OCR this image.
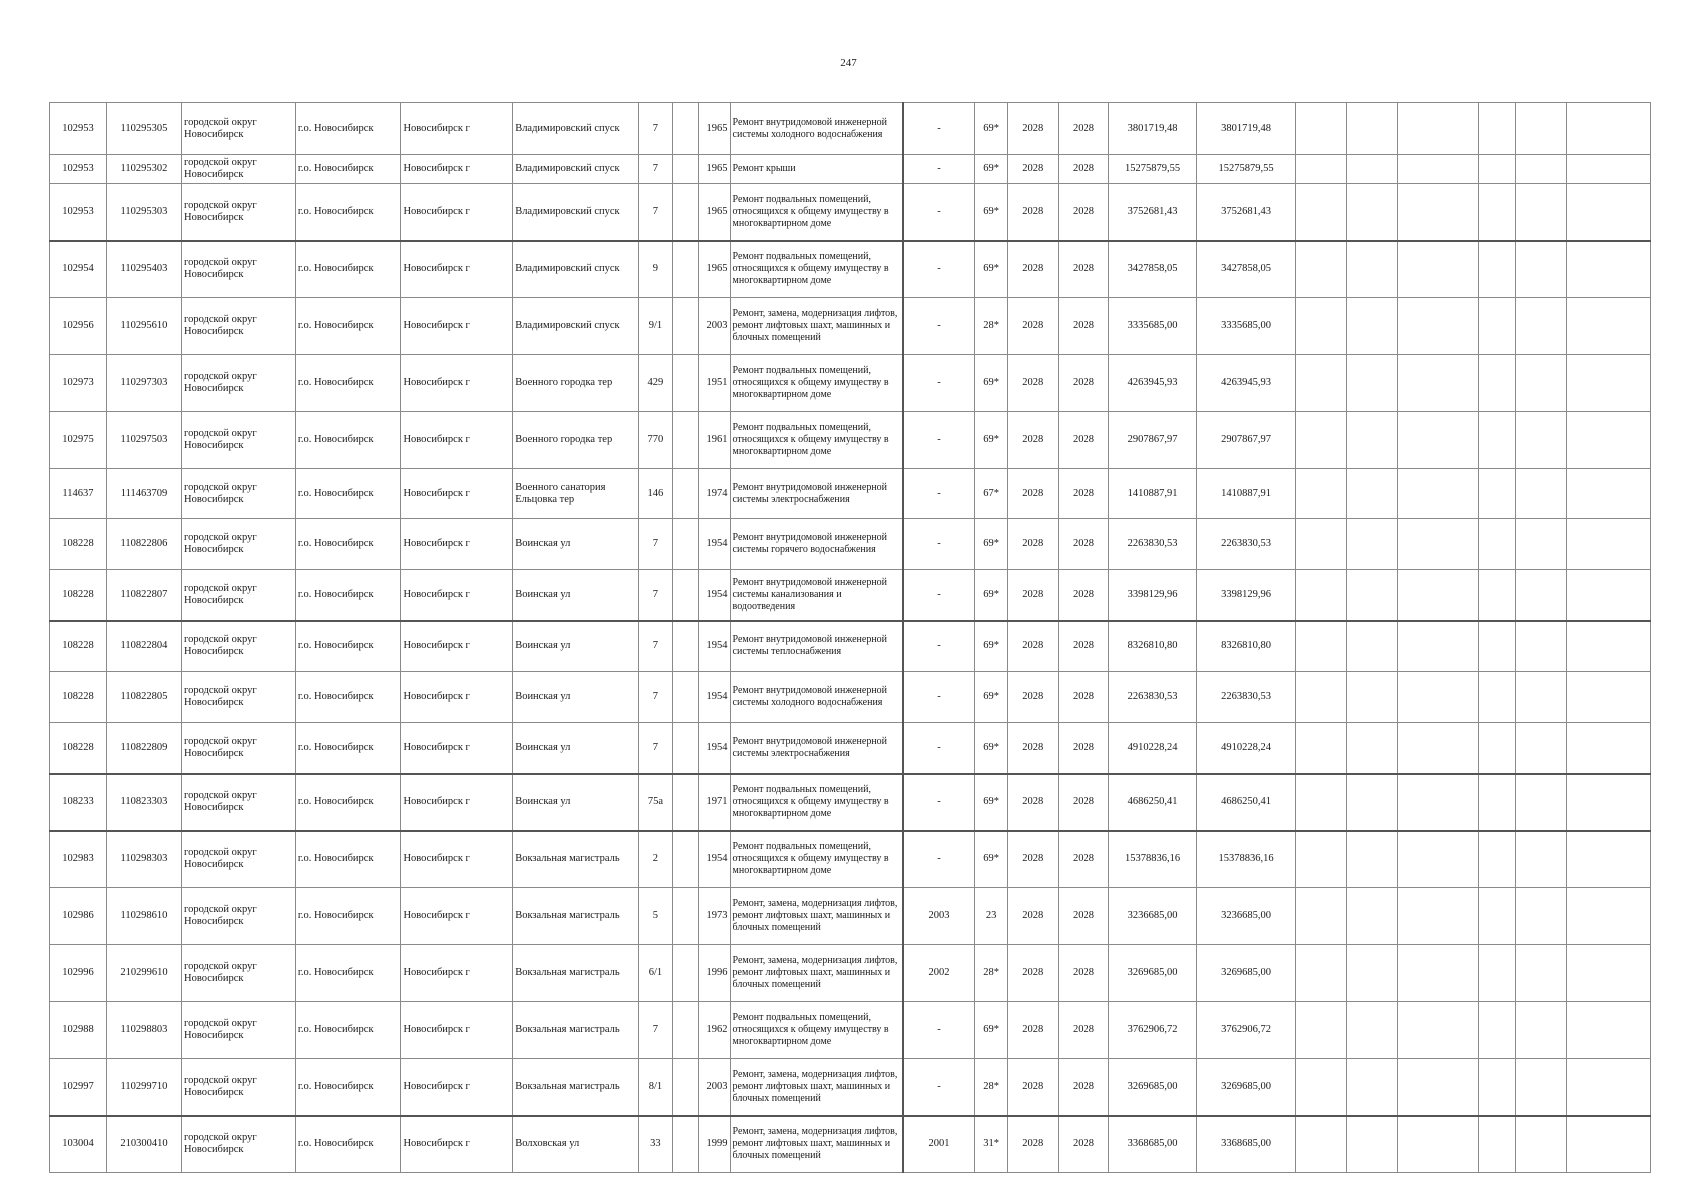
247
102953	110295305	городской округ Новосибирск	г.о. Новосибирск	Новосибирск г	Владимировский спуск	7		1965	Ремонт внутридомовой инженерной системы холодного водоснабжения	-	69*	2028	2028	3801719,48	3801719,48						
102953	110295302	городской округ Новосибирск	г.о. Новосибирск	Новосибирск г	Владимировский спуск	7		1965	Ремонт крыши	-	69*	2028	2028	15275879,55	15275879,55						
102953	110295303	городской округ Новосибирск	г.о. Новосибирск	Новосибирск г	Владимировский спуск	7		1965	Ремонт подвальных помещений, относящихся к общему имуществу в многоквартирном доме	-	69*	2028	2028	3752681,43	3752681,43						
102954	110295403	городской округ Новосибирск	г.о. Новосибирск	Новосибирск г	Владимировский спуск	9		1965	Ремонт подвальных помещений, относящихся к общему имуществу в многоквартирном доме	-	69*	2028	2028	3427858,05	3427858,05						
102956	110295610	городской округ Новосибирск	г.о. Новосибирск	Новосибирск г	Владимировский спуск	9/1		2003	Ремонт, замена, модернизация лифтов, ремонт лифтовых шахт, машинных и блочных помещений	-	28*	2028	2028	3335685,00	3335685,00						
102973	110297303	городской округ Новосибирск	г.о. Новосибирск	Новосибирск г	Военного городка тер	429		1951	Ремонт подвальных помещений, относящихся к общему имуществу в многоквартирном доме	-	69*	2028	2028	4263945,93	4263945,93						
102975	110297503	городской округ Новосибирск	г.о. Новосибирск	Новосибирск г	Военного городка тер	770		1961	Ремонт подвальных помещений, относящихся к общему имуществу в многоквартирном доме	-	69*	2028	2028	2907867,97	2907867,97						
114637	111463709	городской округ Новосибирск	г.о. Новосибирск	Новосибирск г	Военного санатория Ельцовка тер	146		1974	Ремонт внутридомовой инженерной системы электроснабжения	-	67*	2028	2028	1410887,91	1410887,91						
108228	110822806	городской округ Новосибирск	г.о. Новосибирск	Новосибирск г	Воинская ул	7		1954	Ремонт внутридомовой инженерной системы горячего водоснабжения	-	69*	2028	2028	2263830,53	2263830,53						
108228	110822807	городской округ Новосибирск	г.о. Новосибирск	Новосибирск г	Воинская ул	7		1954	Ремонт внутридомовой инженерной системы канализования и водоотведения	-	69*	2028	2028	3398129,96	3398129,96						
108228	110822804	городской округ Новосибирск	г.о. Новосибирск	Новосибирск г	Воинская ул	7		1954	Ремонт внутридомовой инженерной системы теплоснабжения	-	69*	2028	2028	8326810,80	8326810,80						
108228	110822805	городской округ Новосибирск	г.о. Новосибирск	Новосибирск г	Воинская ул	7		1954	Ремонт внутридомовой инженерной системы холодного водоснабжения	-	69*	2028	2028	2263830,53	2263830,53						
108228	110822809	городской округ Новосибирск	г.о. Новосибирск	Новосибирск г	Воинская ул	7		1954	Ремонт внутридомовой инженерной системы электроснабжения	-	69*	2028	2028	4910228,24	4910228,24						
108233	110823303	городской округ Новосибирск	г.о. Новосибирск	Новосибирск г	Воинская ул	75а		1971	Ремонт подвальных помещений, относящихся к общему имуществу в многоквартирном доме	-	69*	2028	2028	4686250,41	4686250,41						
102983	110298303	городской округ Новосибирск	г.о. Новосибирск	Новосибирск г	Вокзальная магистраль	2		1954	Ремонт подвальных помещений, относящихся к общему имуществу в многоквартирном доме	-	69*	2028	2028	15378836,16	15378836,16						
102986	110298610	городской округ Новосибирск	г.о. Новосибирск	Новосибирск г	Вокзальная магистраль	5		1973	Ремонт, замена, модернизация лифтов, ремонт лифтовых шахт, машинных и блочных помещений	2003	23	2028	2028	3236685,00	3236685,00						
102996	210299610	городской округ Новосибирск	г.о. Новосибирск	Новосибирск г	Вокзальная магистраль	6/1		1996	Ремонт, замена, модернизация лифтов, ремонт лифтовых шахт, машинных и блочных помещений	2002	28*	2028	2028	3269685,00	3269685,00						
102988	110298803	городской округ Новосибирск	г.о. Новосибирск	Новосибирск г	Вокзальная магистраль	7		1962	Ремонт подвальных помещений, относящихся к общему имуществу в многоквартирном доме	-	69*	2028	2028	3762906,72	3762906,72						
102997	110299710	городской округ Новосибирск	г.о. Новосибирск	Новосибирск г	Вокзальная магистраль	8/1		2003	Ремонт, замена, модернизация лифтов, ремонт лифтовых шахт, машинных и блочных помещений	-	28*	2028	2028	3269685,00	3269685,00						
103004	210300410	городской округ Новосибирск	г.о. Новосибирск	Новосибирск г	Волховская ул	33		1999	Ремонт, замена, модернизация лифтов, ремонт лифтовых шахт, машинных и блочных помещений	2001	31*	2028	2028	3368685,00	3368685,00						
